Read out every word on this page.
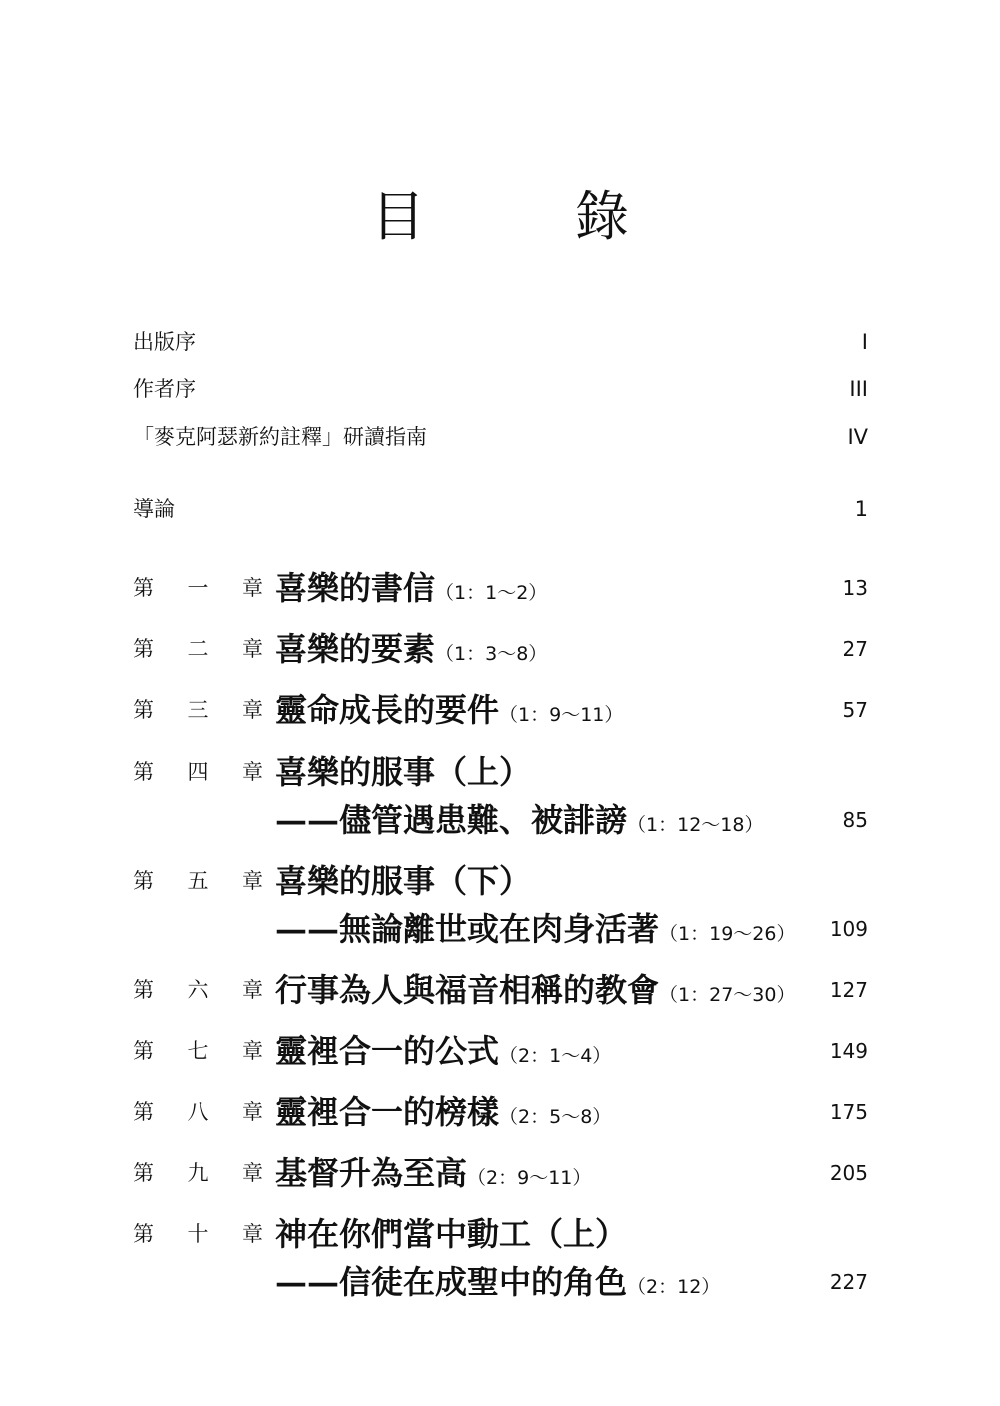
目　錄
出版序	I
作者序	III
「麥克阿瑟新約註釋」研讀指南	IV
導論	1
第 一 章 喜樂的書信（1：1～2）	13
第 二 章 喜樂的要素（1：3～8）	27
第 三 章 靈命成長的要件（1：9～11）	57
第 四 章 喜樂的服事（上）
——儘管遇患難、被誹謗（1：12～18）	85
第 五 章 喜樂的服事（下）
——無論離世或在肉身活著（1：19～26） 109
第 六 章 行事為人與福音相稱的教會（1：27～30） 127
第 七 章 靈裡合一的公式（2：1～4）	149
第 八 章 靈裡合一的榜樣（2：5～8）	175
第 九 章 基督升為至高（2：9～11）	205
第 十 章 神在你們當中動工（上）
——信徒在成聖中的角色（2：12）	227
